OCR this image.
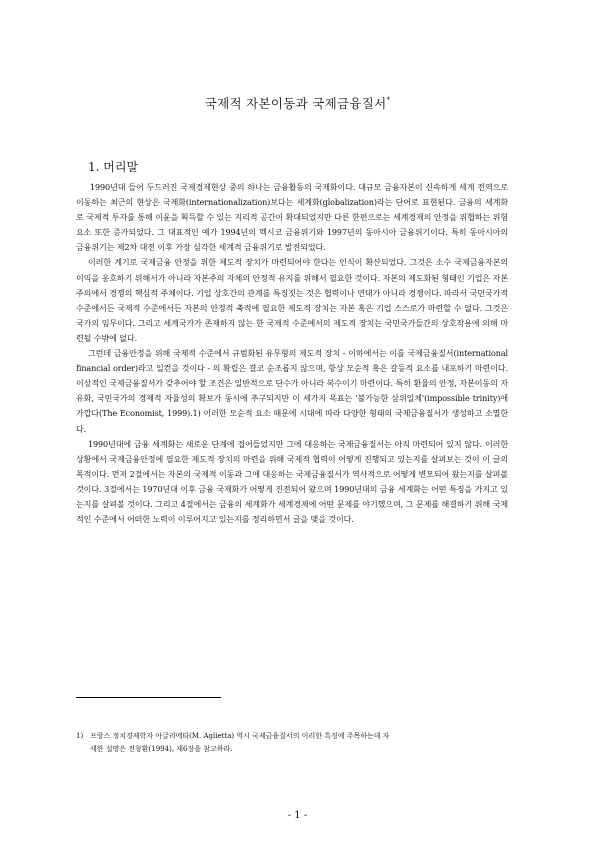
국제적 자본이동과 국제금융질서*
1. 머리말

1990년대 들어 두드러진 국제경제현상 중의 하나는 금융활동의 국제화이다. 대규모 금융자본이 신속하게 세계 전역으로 이동하는 최근의 현상은 국제화(internationalization)보다는 세계화(globalization)라는 단어로 표현된다. 금융의 세계화로 국제적 투자를 통해 이윤을 획득할 수 있는 지리적 공간이 확대되었지만 다른 한편으로는 세계경제의 안정을 위협하는 위험 요소 또한 증가되었다. 그 대표적인 예가 1994년의 멕시코 금융위기와 1997년의 동아시아 금융위기이다. 특히 동아시아의 금융위기는 제2차 대전 이후 가장 심각한 세계적 금융위기로 발전되었다.

이러한 계기로 국제금융 안정을 위한 제도적 장치가 마련되어야 한다는 인식이 확산되었다. 그것은 소수 국제금융자본의 이익을 옹호하기 위해서가 아니라 자본주의 자체의 안정적 유지를 위해서 필요한 것이다. 자본의 제도화된 형태인 기업은 자본주의에서 경쟁의 핵심적 주체이다. 기업 상호간의 관계를 특징짓는 것은 협력이나 연대가 아니라 경쟁이다. 따라서 국민국가적 수준에서든 국제적 수준에서든 자본의 안정적 축적에 필요한 제도적 장치는 자본 혹은 기업 스스로가 마련할 수 없다. 그것은 국가의 임무이다. 그리고 세계국가가 존재하지 않는 한 국제적 수준에서의 제도적 장치는 국민국가들간의 상호작용에 의해 마련될 수밖에 없다.

그런데 금융안정을 위해 국제적 수준에서 규범화된 유무형의 제도적 장치 - 이하에서는 이를 국제금융질서(international financial order)라고 일컫을 것이다 - 의 확립은 결코 순조롭지 않으며, 항상 모순적 혹은 갈등적 요소를 내포하기 마련이다. 이상적인 국제금융질서가 갖추어야 할 조건은 일반적으로 단수가 아니라 복수이기 마련이다. 특히 환율의 안정, 자본이동의 자유화, 국민국가의 경제적 자율성의 확보가 동시에 추구되지만 이 세가지 목표는 '불가능한 삼위일체'(impossible trinity)에 가깝다(The Economist, 1999).1) 이러한 모순적 요소 때문에 시대에 따라 다양한 형태의 국제금융질서가 생성하고 소멸한다.

1990년대에 금융 세계화는 새로운 단계에 접어들었지만 그에 대응하는 국제금융질서는 아직 마련되어 있지 않다. 이러한 상황에서 국제금융안정에 필요한 제도적 장치의 마련을 위해 국제적 협력이 어떻게 진행되고 있는지를 살펴보는 것이 이 글의 목적이다. 먼저 2절에서는 자본의 국제적 이동과 그에 대응하는 국제금융질서가 역사적으로 어떻게 변모되어 왔는지를 살펴볼 것이다. 3절에서는 1970년대 이후 금융 국제화가 어떻게 진전되어 왔으며 1990년대의 금융 세계화는 어떤 특징을 가지고 있는지를 살펴볼 것이다. 그리고 4절에서는 금융의 세계화가 세계경제에 어떤 문제를 야기했으며, 그 문제를 해결하기 위해 국제적인 수준에서 어떠한 노력이 이루어지고 있는지를 정리하면서 글을 맺을 것이다.

1) 프랑스 정치경제학자 아글리에타(M. Aglietta) 역시 국제금융질서의 이러한 특징에 주목하는데 자
세한 설명은 전창환(1994), 제6장을 참고하라.
- 1 -
